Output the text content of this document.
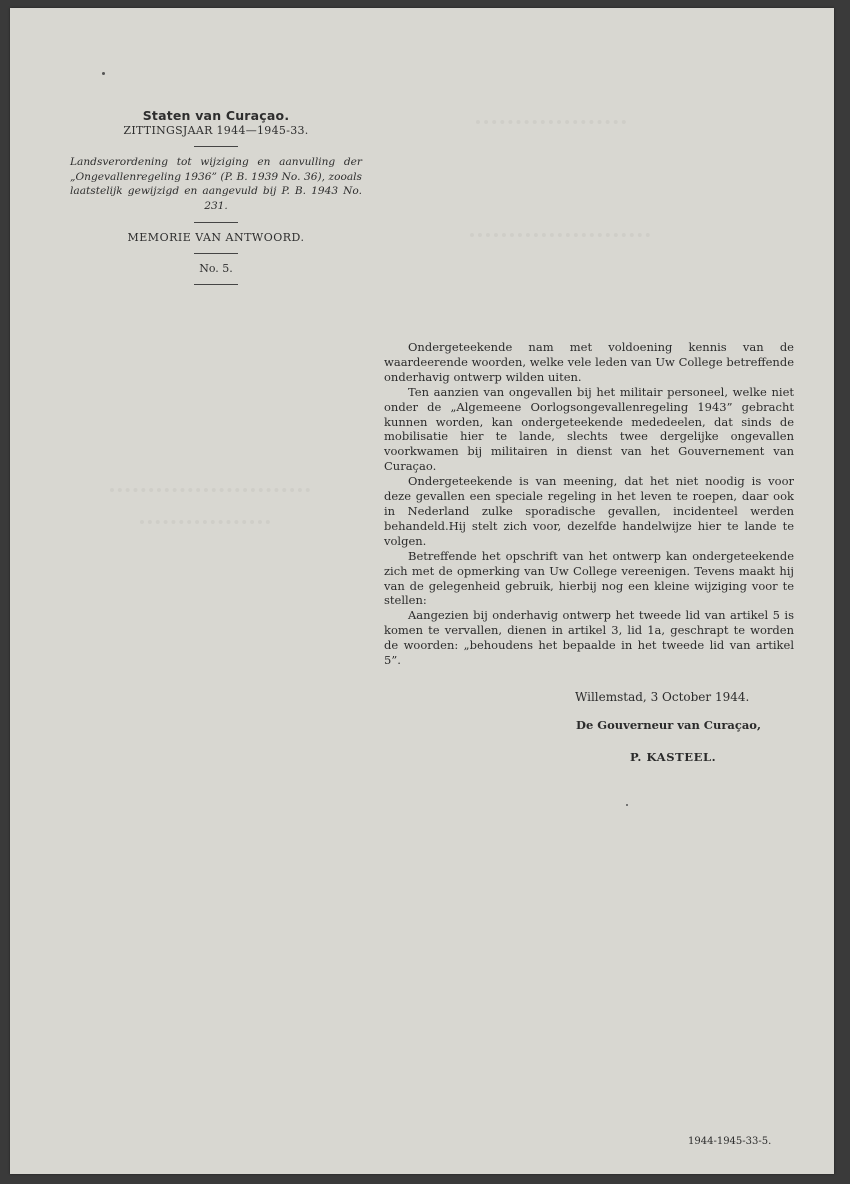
Staten van Curaçao.
ZITTINGSJAAR 1944—1945-33.
Landsverordening tot wijziging en aanvulling der „Ongevallenregeling 1936” (P. B. 1939 No. 36), zooals laatstelijk gewijzigd en aangevuld bij P. B. 1943 No. 231.
MEMORIE VAN ANTWOORD.
No. 5.

Ondergeteekende nam met voldoening kennis van de waardeerende woorden, welke vele leden van Uw College betreffende onderhavig ontwerp wilden uiten.

Ten aanzien van ongevallen bij het militair personeel, welke niet onder de „Algemeene Oorlogsongevallenregeling 1943” gebracht kunnen worden, kan ondergeteekende mededeelen, dat sinds de mobilisatie hier te lande, slechts twee dergelijke ongevallen voorkwamen bij militairen in dienst van het Gouvernement van Curaçao.

Ondergeteekende is van meening, dat het niet noodig is voor deze gevallen een speciale regeling in het leven te roepen, daar ook in Nederland zulke sporadische gevallen, incidenteel werden behandeld.Hij stelt zich voor, dezelfde handelwijze hier te lande te volgen.

Betreffende het opschrift van het ontwerp kan ondergeteekende zich met de opmerking van Uw College vereenigen. Tevens maakt hij van de gelegenheid gebruik, hierbij nog een kleine wijziging voor te stellen:

Aangezien bij onderhavig ontwerp het tweede lid van artikel 5 is komen te vervallen, dienen in artikel 3, lid 1a, geschrapt te worden de woorden: „behoudens het bepaalde in het tweede lid van artikel 5”.

Willemstad, 3 October 1944.
De Gouverneur van Curaçao,
P. KASTEEL.
1944-1945-33-5.
